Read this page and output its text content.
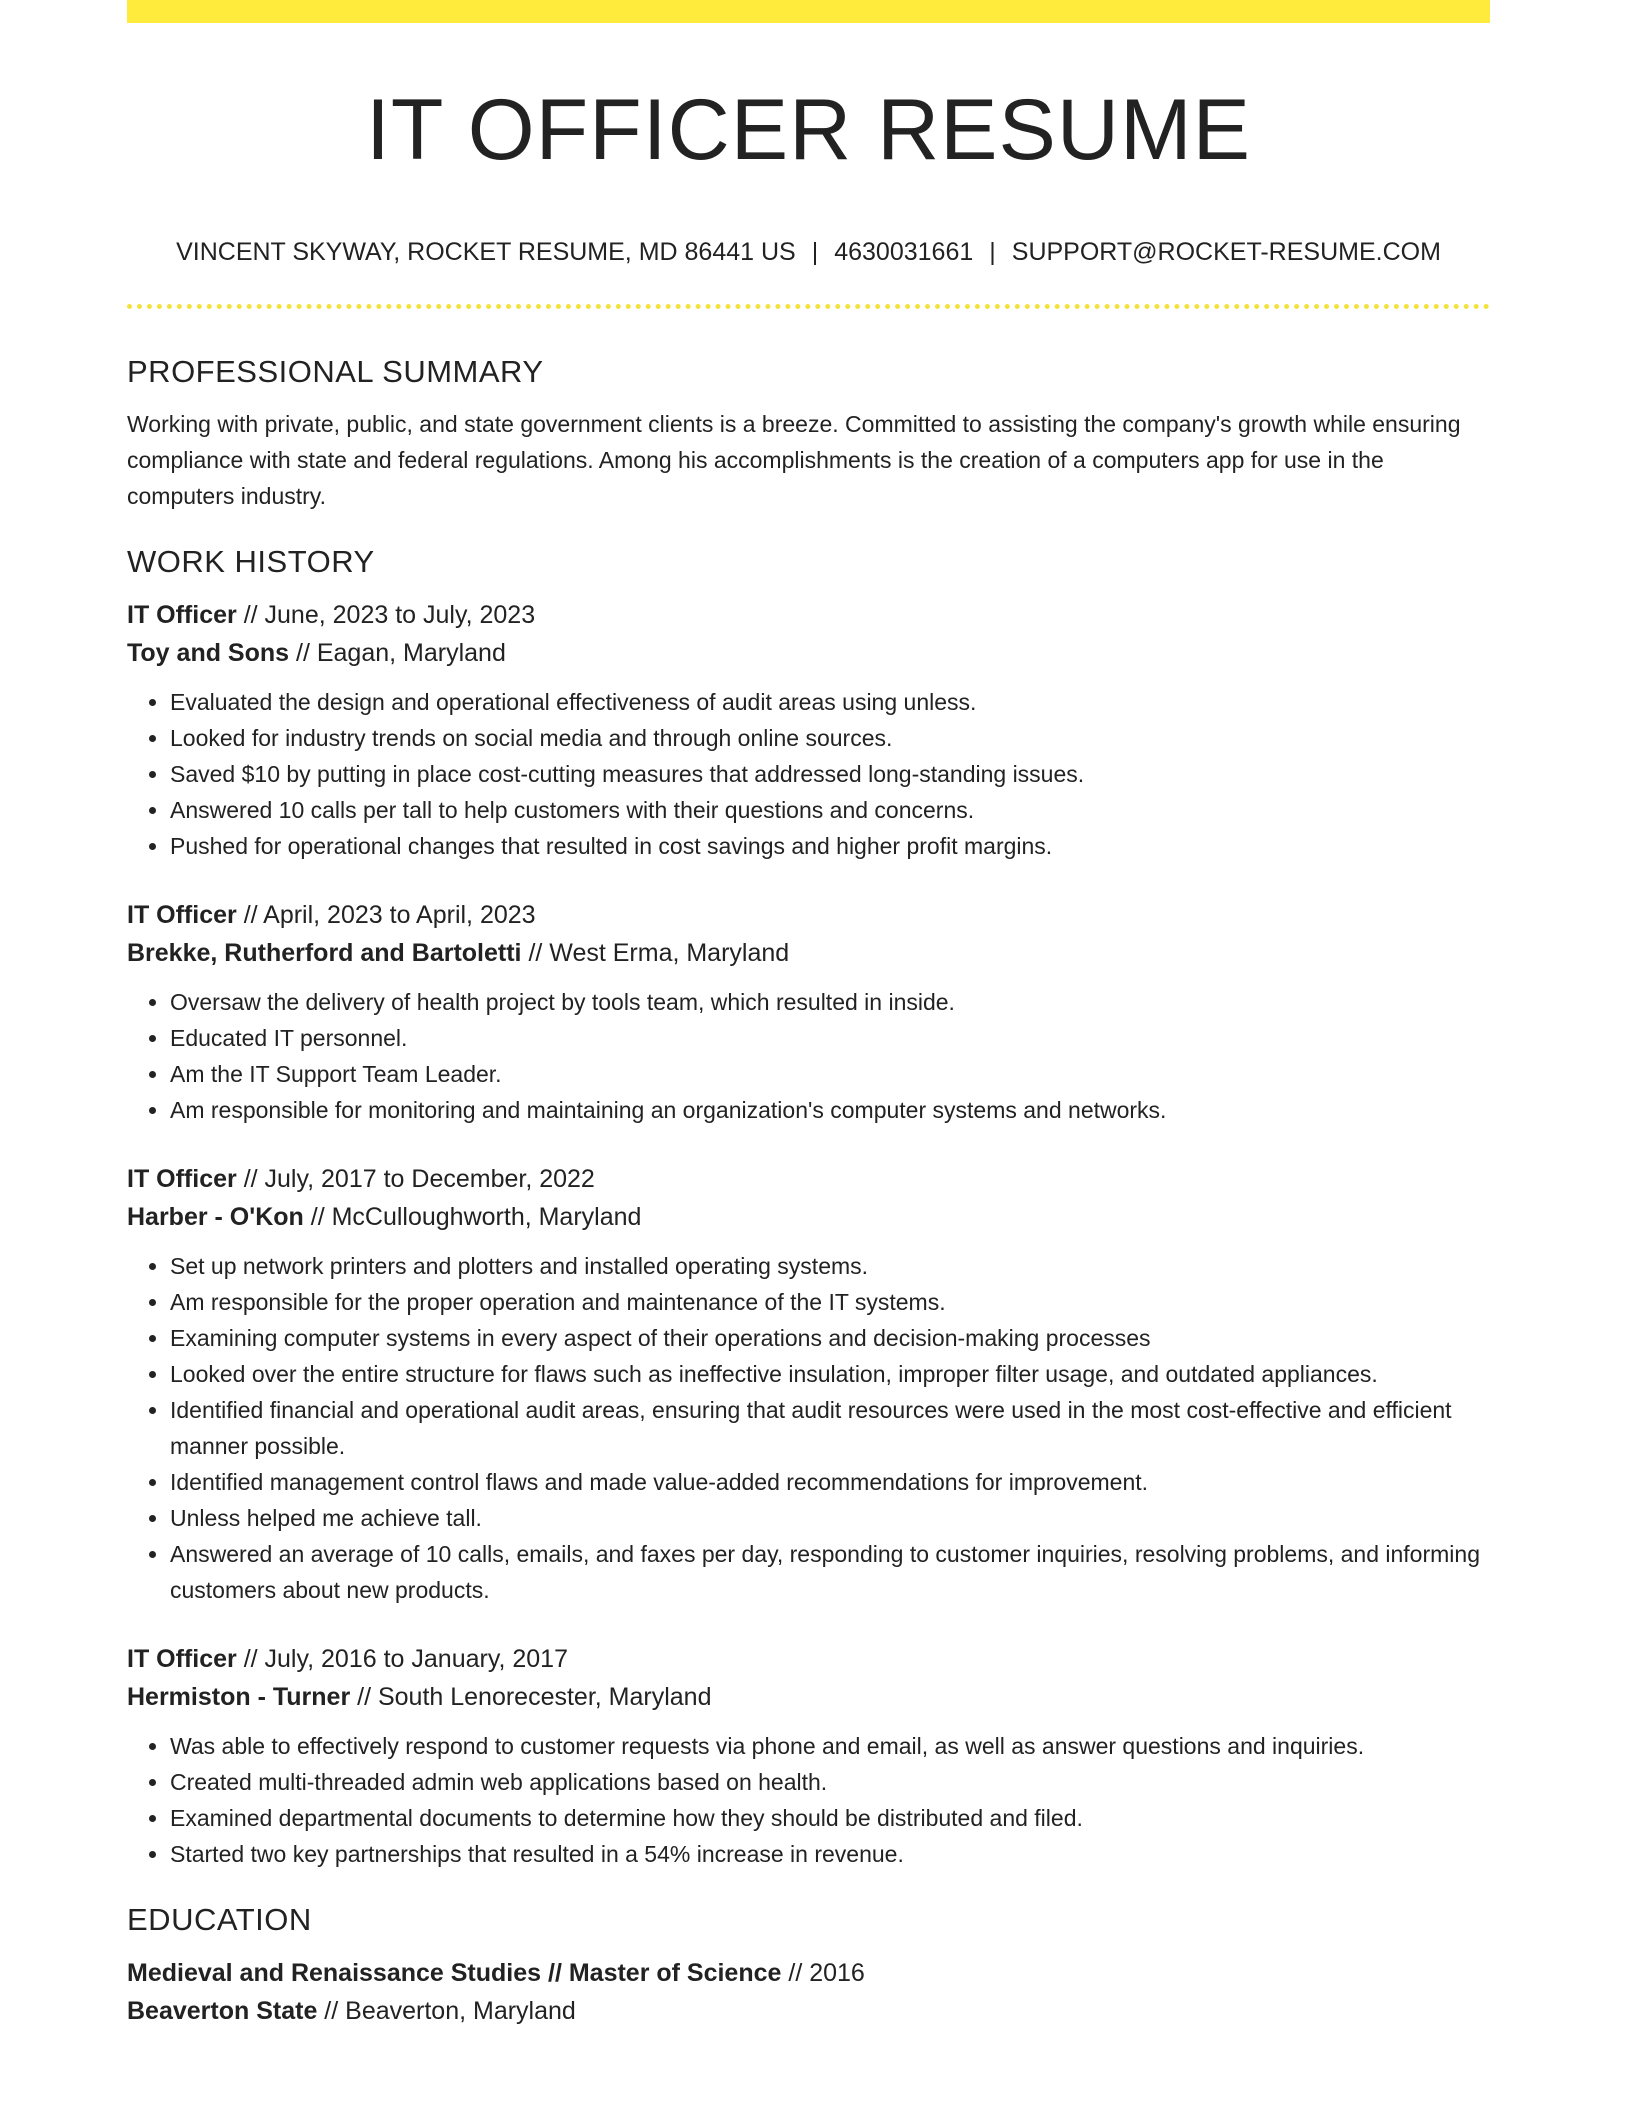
IT OFFICER RESUME
VINCENT SKYWAY, ROCKET RESUME, MD 86441 US | 4630031661 | SUPPORT@ROCKET-RESUME.COM
PROFESSIONAL SUMMARY

Working with private, public, and state government clients is a breeze. Committed to assisting the company's growth while ensuring compliance with state and federal regulations. Among his accomplishments is the creation of a computers app for use in the computers industry.

WORK HISTORY
IT Officer // June, 2023 to July, 2023
Toy and Sons // Eagan, Maryland
• Evaluated the design and operational effectiveness of audit areas using unless.
• Looked for industry trends on social media and through online sources.
• Saved $10 by putting in place cost-cutting measures that addressed long-standing issues.
• Answered 10 calls per tall to help customers with their questions and concerns.
• Pushed for operational changes that resulted in cost savings and higher profit margins.
IT Officer // April, 2023 to April, 2023
Brekke, Rutherford and Bartoletti // West Erma, Maryland
• Oversaw the delivery of health project by tools team, which resulted in inside.
• Educated IT personnel.
• Am the IT Support Team Leader.
• Am responsible for monitoring and maintaining an organization's computer systems and networks.
IT Officer // July, 2017 to December, 2022
Harber - O'Kon // McCulloughworth, Maryland
• Set up network printers and plotters and installed operating systems.
• Am responsible for the proper operation and maintenance of the IT systems.
• Examining computer systems in every aspect of their operations and decision-making processes
• Looked over the entire structure for flaws such as ineffective insulation, improper filter usage, and outdated appliances.
• Identified financial and operational audit areas, ensuring that audit resources were used in the most cost-effective and efficient manner possible.
• Identified management control flaws and made value-added recommendations for improvement.
• Unless helped me achieve tall.
• Answered an average of 10 calls, emails, and faxes per day, responding to customer inquiries, resolving problems, and informing customers about new products.
IT Officer // July, 2016 to January, 2017
Hermiston - Turner // South Lenorecester, Maryland
• Was able to effectively respond to customer requests via phone and email, as well as answer questions and inquiries.
• Created multi-threaded admin web applications based on health.
• Examined departmental documents to determine how they should be distributed and filed.
• Started two key partnerships that resulted in a 54% increase in revenue.
EDUCATION
Medieval and Renaissance Studies // Master of Science // 2016
Beaverton State // Beaverton, Maryland
